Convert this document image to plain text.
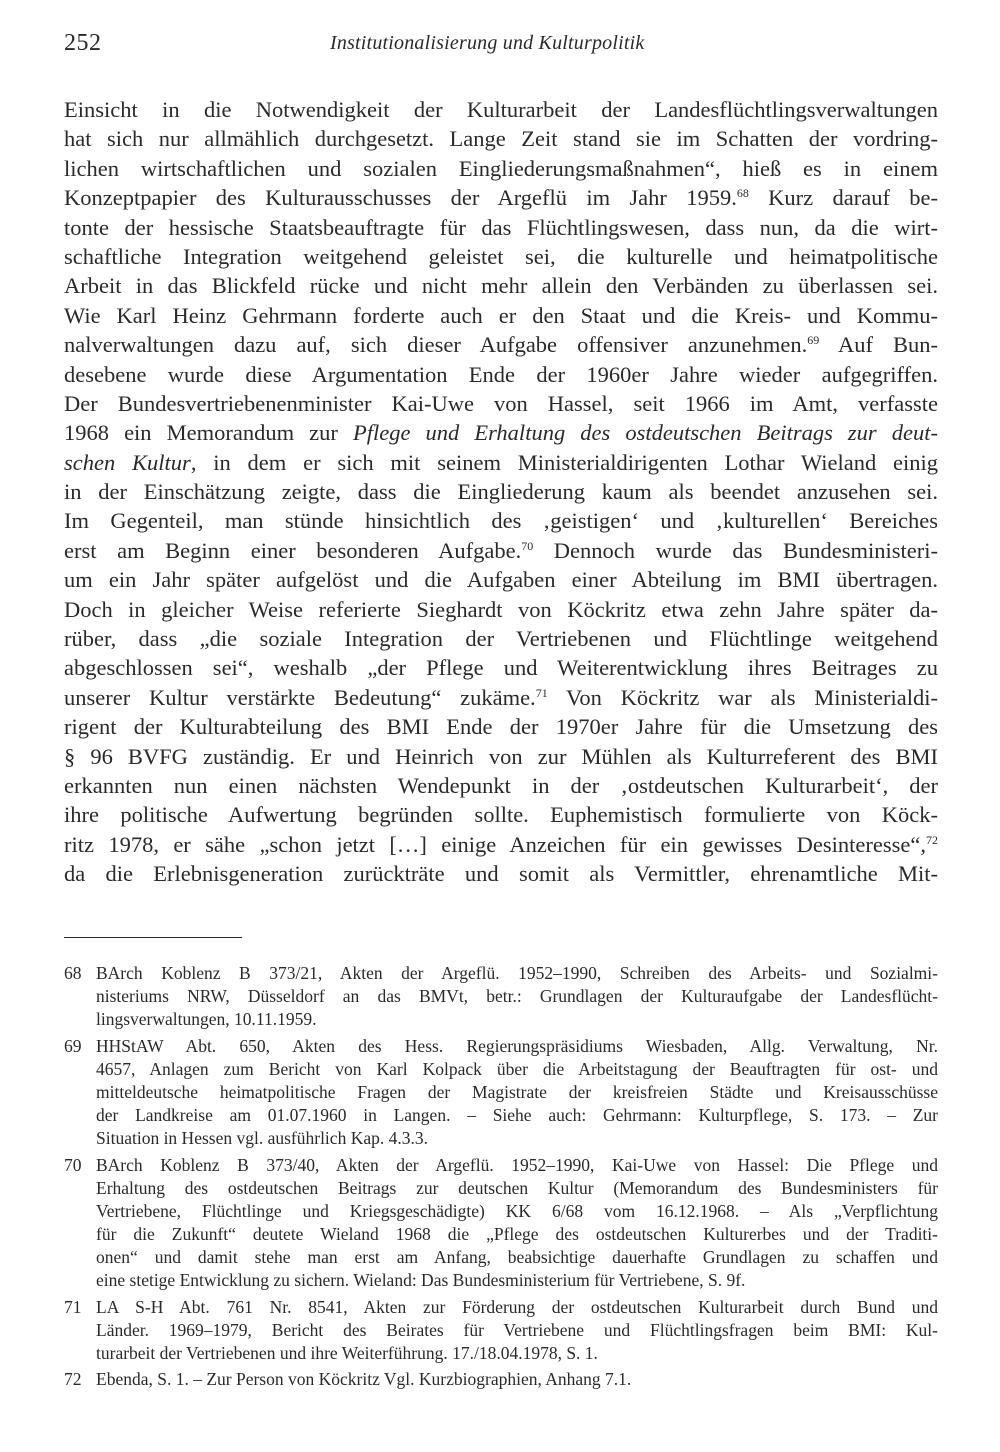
252	Institutionalisierung und Kulturpolitik
Einsicht in die Notwendigkeit der Kulturarbeit der Landesflüchtlingsverwaltungen
hat sich nur allmählich durchgesetzt. Lange Zeit stand sie im Schatten der vordring-
lichen wirtschaftlichen und sozialen Eingliederungsmaßnahmen“, hieß es in einem
Konzeptpapier des Kulturausschusses der Argeflü im Jahr 1959.68 Kurz darauf be-
tonte der hessische Staatsbeauftragte für das Flüchtlingswesen, dass nun, da die wirt-
schaftliche Integration weitgehend geleistet sei, die kulturelle und heimatpolitische
Arbeit in das Blickfeld rücke und nicht mehr allein den Verbänden zu überlassen sei.
Wie Karl Heinz Gehrmann forderte auch er den Staat und die Kreis- und Kommu-
nalverwaltungen dazu auf, sich dieser Aufgabe offensiver anzunehmen.$^{69}$ Auf Bun-
desebene wurde diese Argumentation Ende der 1960er Jahre wieder aufgegriffen.
Der Bundesvertriebenenminister Kai-Uwe von Hassel, seit 1966 im Amt, verfasste
1968 ein Memorandum zur Pflege und Erhaltung des ostdeutschen Beitrags zur deut-
schen Kultur, in dem er sich mit seinem Ministerialdirigenten Lothar Wieland einig
in der Einschätzung zeigte, dass die Eingliederung kaum als beendet anzusehen sei.
Im Gegenteil, man stünde hinsichtlich des ‚geistigen‘ und ‚kulturellen‘ Bereiches
erst am Beginn einer besonderen Aufgabe.$^{70}$ Dennoch wurde das Bundesministeri-
um ein Jahr später aufgelöst und die Aufgaben einer Abteilung im BMI übertragen.
Doch in gleicher Weise referierte Sieghardt von Köckritz etwa zehn Jahre später da-
rüber, dass „die soziale Integration der Vertriebenen und Flüchtlinge weitgehend
abgeschlossen sei“, weshalb „der Pflege und Weiterentwicklung ihres Beitrages zu
unserer Kultur verstärkte Bedeutung“ zukäme.$^{71}$ Von Köckritz war als Ministerialdi-
rigent der Kulturabteilung des BMI Ende der 1970er Jahre für die Umsetzung des
§ 96 BVFG zuständig. Er und Heinrich von zur Mühlen als Kulturreferent des BMI
erkannten nun einen nächsten Wendepunkt in der ‚ostdeutschen Kulturarbeit‘, der
ihre politische Aufwertung begründen sollte. Euphemistisch formulierte von Köck-
ritz 1978, er sähe „schon jetzt […] einige Anzeichen für ein gewisses Desinteresse“,$^{72}$
da die Erlebnisgeneration zurückträte und somit als Vermittler, ehrenamtliche Mit-
68 BArch Koblenz B 373/21, Akten der Argeflü. 1952–1990, Schreiben des Arbeits- und Sozialmi-
nisteriums NRW, Düsseldorf an das BMVt, betr.: Grundlagen der Kulturaufgabe der Landesflücht-
lingsverwaltungen, 10.11.1959.
69 HHStAW Abt. 650, Akten des Hess. Regierungspräsidiums Wiesbaden, Allg. Verwaltung, Nr.
4657, Anlagen zum Bericht von Karl Kolpack über die Arbeitstagung der Beauftragten für ost- und
mitteldeutsche heimatpolitische Fragen der Magistrate der kreisfreien Städte und Kreisausschüsse
der Landkreise am 01.07.1960 in Langen. – Siehe auch: Gehrmann: Kulturpflege, S. 173. – Zur
Situation in Hessen vgl. ausführlich Kap. 4.3.3.
70 BArch Koblenz B 373/40, Akten der Argeflü. 1952–1990, Kai-Uwe von Hassel: Die Pflege und
Erhaltung des ostdeutschen Beitrags zur deutschen Kultur (Memorandum des Bundesministers für
Vertriebene, Flüchtlinge und Kriegsgeschädigte) KK 6/68 vom 16.12.1968. – Als „Verpflichtung
für die Zukunft“ deutete Wieland 1968 die „Pflege des ostdeutschen Kulturerbes und der Traditi-
onen“ und damit stehe man erst am Anfang, beabsichtige dauerhafte Grundlagen zu schaffen und
eine stetige Entwicklung zu sichern. Wieland: Das Bundesministerium für Vertriebene, S. 9f.
71 LA S-H Abt. 761 Nr. 8541, Akten zur Förderung der ostdeutschen Kulturarbeit durch Bund und
Länder. 1969–1979, Bericht des Beirates für Vertriebene und Flüchtlingsfragen beim BMI: Kul-
turarbeit der Vertriebenen und ihre Weiterführung. 17./18.04.1978, S. 1.
72 Ebenda, S. 1. – Zur Person von Köckritz Vgl. Kurzbiographien, Anhang 7.1.
